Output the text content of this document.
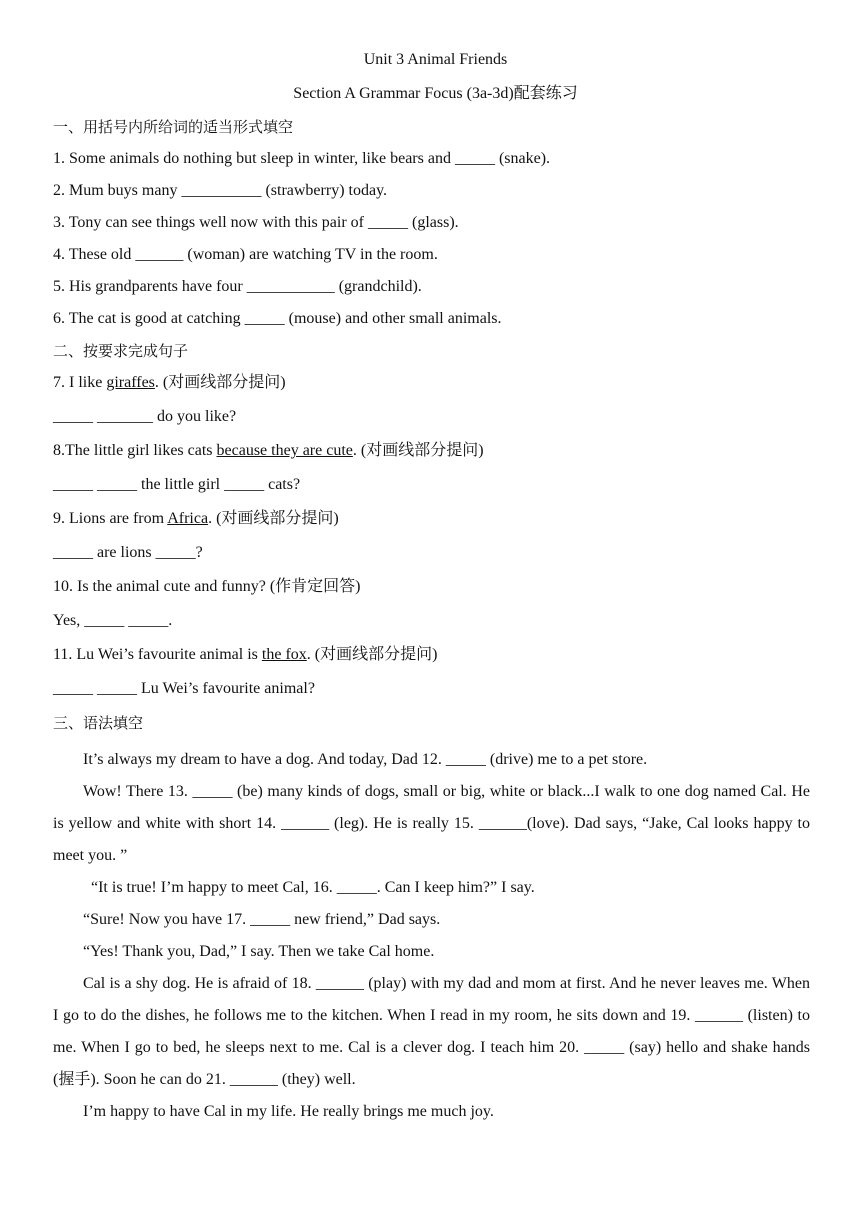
Unit 3 Animal Friends
Section A Grammar Focus (3a-3d)配套练习
一、用括号内所给词的适当形式填空
1. Some animals do nothing but sleep in winter, like bears and _____ (snake).
2. Mum buys many __________ (strawberry) today.
3. Tony can see things well now with this pair of _____ (glass).
4. These old ______ (woman) are watching TV in the room.
5. His grandparents have four ___________ (grandchild).
6. The cat is good at catching _____ (mouse) and other small animals.
二、按要求完成句子
7. I like giraffes. (对画线部分提问)
_____ _______ do you like?
8.The little girl likes cats because they are cute. (对画线部分提问)
_____ _____ the little girl _____ cats?
9. Lions are from Africa. (对画线部分提问)
_____ are lions _____?
10. Is the animal cute and funny? (作肯定回答)
Yes, _____ _____.
11. Lu Wei’s favourite animal is the fox. (对画线部分提问)
_____ _____ Lu Wei’s favourite animal?
三、语法填空

It’s always my dream to have a dog. And today, Dad 12. _____ (drive) me to a pet store.

Wow! There 13. _____ (be) many kinds of dogs, small or big, white or black...I walk to one dog named Cal. He is yellow and white with short 14. ______ (leg). He is really 15. ______(love). Dad says, “Jake, Cal looks happy to meet you. ”

“It is true! I’m happy to meet Cal, 16. _____. Can I keep him?” I say.

“Sure! Now you have 17. _____ new friend,” Dad says.

“Yes! Thank you, Dad,” I say. Then we take Cal home.

Cal is a shy dog. He is afraid of 18. ______ (play) with my dad and mom at first. And he never leaves me. When I go to do the dishes, he follows me to the kitchen. When I read in my room, he sits down and 19. ______ (listen) to me. When I go to bed, he sleeps next to me. Cal is a clever dog. I teach him 20. _____ (say) hello and shake hands (握手). Soon he can do 21. ______ (they) well.

I’m happy to have Cal in my life. He really brings me much joy.
